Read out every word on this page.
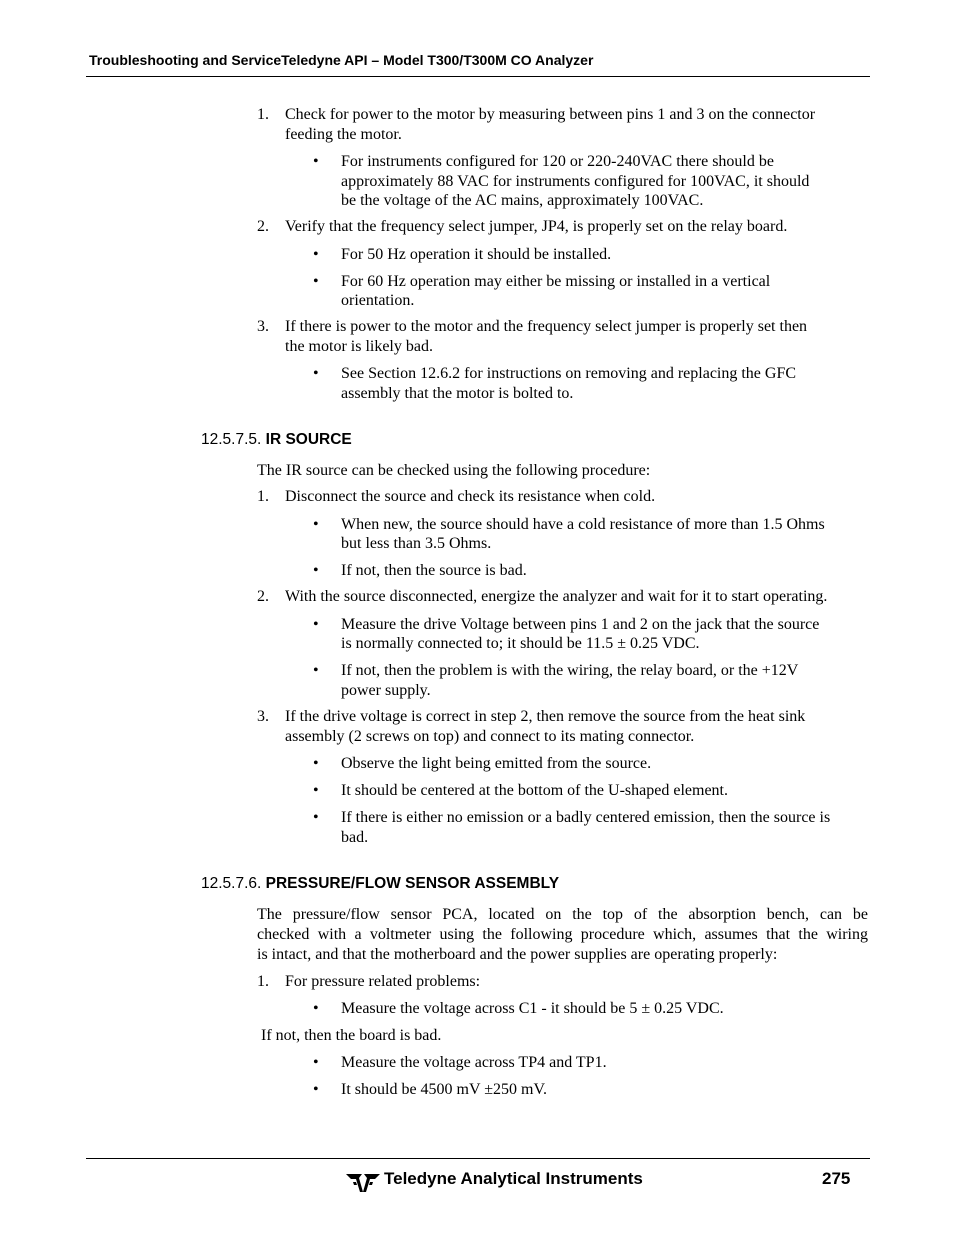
Troubleshooting and ServiceTeledyne API – Model T300/T300M CO Analyzer
1.	Check for power to the motor by measuring between pins 1 and 3 on the connector
feeding the motor.
• For instruments configured for 120 or 220-240VAC there should be
approximately 88 VAC for instruments configured for 100VAC, it should
be the voltage of the AC mains, approximately 100VAC.
2.	Verify that the frequency select jumper, JP4, is properly set on the relay board.
• For 50 Hz operation it should be installed.
• For 60 Hz operation may either be missing or installed in a vertical
orientation.
3.	If there is power to the motor and the frequency select jumper is properly set then
the motor is likely bad.
• See Section 12.6.2 for instructions on removing and replacing the GFC
assembly that the motor is bolted to.
12.5.7.5. IR SOURCE
The IR source can be checked using the following procedure:
1.	Disconnect the source and check its resistance when cold.
• When new, the source should have a cold resistance of more than 1.5 Ohms
but less than 3.5 Ohms.
• If not, then the source is bad.
2.	With the source disconnected, energize the analyzer and wait for it to start operating.
• Measure the drive Voltage between pins 1 and 2 on the jack that the source
is normally connected to; it should be 11.5 ± 0.25 VDC.
• If not, then the problem is with the wiring, the relay board, or the +12V
power supply.
3.	If the drive voltage is correct in step 2, then remove the source from the heat sink
assembly (2 screws on top) and connect to its mating connector.
• Observe the light being emitted from the source.
• It should be centered at the bottom of the U-shaped element.
• If there is either no emission or a badly centered emission, then the source is
bad.
12.5.7.6. PRESSURE/FLOW SENSOR ASSEMBLY
The pressure/flow sensor PCA, located on the top of the absorption bench, can be
checked with a voltmeter using the following procedure which, assumes that the wiring
is intact, and that the motherboard and the power supplies are operating properly:
1.	For pressure related problems:
• Measure the voltage across C1 - it should be 5 ± 0.25 VDC.
If not, then the board is bad.
• Measure the voltage across TP4 and TP1.
• It should be 4500 mV ±250 mV.
Teledyne Analytical Instruments	275
